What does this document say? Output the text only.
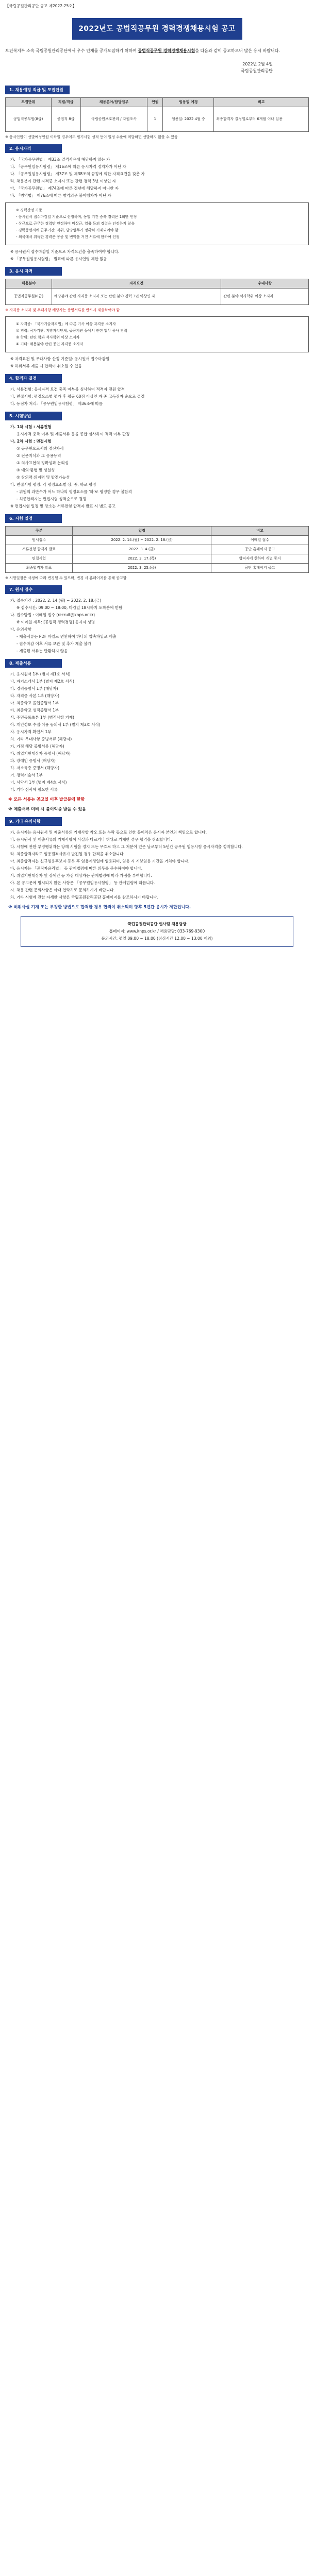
【국립공원관리공단 공고 제2022-25호】
2022년도 공법직공무원 경력경쟁채용시험 공고
보건복지부 소속 국립공원관리공단에서 우수 인재를 공개모집하기 위하여 공법직공무원 경력경쟁채용시험을 다음과 같이 공고하오니 많은 응시 바랍니다.
2022년 2월 4일
국립공원관리공단
1. 채용예정 직급 및 모집인원
모집단위	직렬/직급	채용분야/담당업무	인원	임용일 예정	비고
공법직공무원(8급)	공법직 8급	국립공원보호관리 / 자원조사	1	임용일: 2022.4월 중	최종합격자 결정일로부터 6개월 이내 임용
※ 응시인원이 선발예정인원 이하일 경우에도 필기시험 성적 등이 일정 수준에 미달하면 선발하지 않을 수 있음
2. 응시자격
가. 「국가공무원법」 제33조 결격사유에 해당하지 않는 자
나. 「공무원임용시험령」 제16조에 따른 응시자격 정지자가 아닌 자
다. 「공무원임용시험령」 제37조 및 제38조의 규정에 의한 자격요건을 갖춘 자
라. 채용분야 관련 자격증 소지자 또는 관련 경력 3년 이상인 자
마. 「국가공무원법」 제74조에 따른 정년에 해당하지 아니한 자
바. 「병역법」 제76조에 따른 병역의무 불이행자가 아닌 자
※ 경력산정 기준
- 응시원서 접수마감일 기준으로 산정하며, 동일 기간 중복 경력은 1회만 인정
- 상근으로 근무한 경력만 인정하며 비상근, 일용 등의 경력은 인정하지 않음
- 경력증명서에 근무기간, 직위, 담당업무가 명확히 기재되어야 함
- 외국에서 취득한 경력은 공증 및 번역을 거친 서류에 한하여 인정
※ 응시원서 접수마감일 기준으로 자격요건을 충족하여야 합니다.
※ 「공무원임용시험령」 별표에 따른 응시연령 제한 없음
3. 응시 자격
채용분야	자격요건	우대사항
공법직공무원(8급)	해당분야 관련 자격증 소지자 또는 관련 분야 경력 3년 이상인 자	관련 분야 석사학위 이상 소지자
※ 자격증 소지자 및 우대사항 해당자는 증빙서류를 반드시 제출하여야 함
① 자격증: 「국가기술자격법」에 따른 기사 이상 자격증 소지자
② 경력: 국가기관, 지방자치단체, 공공기관 등에서 관련 업무 종사 경력
③ 학위: 관련 학과 석사학위 이상 소지자
④ 기타: 채용분야 관련 공인 자격증 소지자
※ 자격요건 및 우대사항 산정 기준일: 응시원서 접수마감일
※ 허위서류 제출 시 합격이 취소될 수 있음
4. 합격자 결정
가. 서류전형: 응시자격 요건 충족 여부를 심사하여 적격자 전원 합격
나. 면접시험: 평정요소별 평가 후 평균 60점 이상인 자 중 고득점자 순으로 결정
다. 동점자 처리: 「공무원임용시험령」 제36조에 따름
5. 시험방법
가. 1차 시험 : 서류전형
응시자격 충족 여부 및 제출서류 등을 종합 심사하여 적격 여부 판정
나. 2차 시험 : 면접시험
① 공무원으로서의 정신자세
② 전문지식과 그 응용능력
③ 의사표현의 정확성과 논리성
④ 예의·품행 및 성실성
⑤ 창의력·의지력 및 발전가능성
다. 면접시험 평정: 각 평정요소별 상, 중, 하로 평정
- 위원의 과반수가 어느 하나의 평정요소를 '하'로 평정한 경우 불합격
- 최종합격자는 면접시험 성적순으로 결정
※ 면접시험 일정 및 장소는 서류전형 합격자 발표 시 별도 공고
6. 시험 일정
구분	일정	비고
원서접수	2022. 2. 14.(월) ~ 2022. 2. 18.(금)	이메일 접수
서류전형 합격자 발표	2022. 3. 4.(금)	공단 홈페이지 공고
면접시험	2022. 3. 17.(목)	합격자에 한하여 개별 통지
최종합격자 발표	2022. 3. 25.(금)	공단 홈페이지 공고
※ 시험일정은 사정에 따라 변경될 수 있으며, 변경 시 홈페이지를 통해 공고함
7. 원서 접수
가. 접수기간 : 2022. 2. 14.(월) ~ 2022. 2. 18.(금)
※ 접수시간: 09:00 ~ 18:00, 마감일 18시까지 도착분에 한함
나. 접수방법 : 이메일 접수 (recruit@knps.or.kr)
※ 이메일 제목: [공법직 경력경쟁] 응시자 성명
다. 유의사항
- 제출서류는 PDF 파일로 변환하여 하나의 압축파일로 제출
- 접수마감 이후 서류 보완 및 추가 제출 불가
- 제출된 서류는 반환하지 않음
8. 제출서류
가. 응시원서 1부 (별지 제1호 서식)
나. 자기소개서 1부 (별지 제2호 서식)
다. 경력증명서 1부 (해당자)
라. 자격증 사본 1부 (해당자)
마. 최종학교 졸업증명서 1부
바. 최종학교 성적증명서 1부
사. 주민등록초본 1부 (병적사항 기재)
아. 개인정보 수집·이용 동의서 1부 (별지 제3호 서식)
자. 응시자격 확인서 1부
차. 기타 우대사항 증빙서류 (해당자)
카. 가점 해당 증빙서류 (해당자)
타. 취업지원대상자 증명서 (해당자)
파. 장애인 증명서 (해당자)
하. 저소득층 증명서 (해당자)
거. 경력기술서 1부
너. 서약서 1부 (별지 제4호 서식)
더. 기타 심사에 필요한 서류
※ 모든 서류는 공고일 이후 발급분에 한함
※ 제출서류 미비 시 불이익을 받을 수 있음
9. 기타 유의사항
가. 응시자는 응시원서 및 제출서류의 기재사항 착오 또는 누락 등으로 인한 불이익은 응시자 본인의 책임으로 합니다.
나. 응시원서 및 제출서류의 기재사항이 사실과 다르거나 허위로 기재한 경우 합격을 취소합니다.
다. 시험에 관한 부정행위자는 당해 시험을 정지 또는 무효로 하고 그 처분이 있은 날로부터 5년간 공무원 임용시험 응시자격을 정지합니다.
라. 최종합격자라도 임용결격사유가 발견될 경우 합격을 취소합니다.
마. 최종합격자는 신규임용후보자 등록 후 임용예정일에 임용되며, 임용 시 시보임용 기간을 거쳐야 합니다.
바. 응시자는 「공직자윤리법」 등 관계법령에 따른 의무를 준수하여야 합니다.
사. 취업지원대상자 및 장애인 등 가점 대상자는 관계법령에 따라 가점을 부여합니다.
아. 본 공고문에 명시되지 않은 사항은 「공무원임용시험령」 등 관계법령에 따릅니다.
자. 채용 관련 문의사항은 아래 연락처로 문의하시기 바랍니다.
차. 기타 시험에 관한 자세한 사항은 국립공원관리공단 홈페이지를 참조하시기 바랍니다.
※ 허위사실 기재 또는 부정한 방법으로 합격한 경우 합격이 취소되며 향후 5년간 응시가 제한됩니다.
국립공원관리공단 인사팀 채용담당
홈페이지: www.knps.or.kr / 채용담당: 033-769-9300
문의시간: 평일 09:00 ~ 18:00 (점심시간 12:00 ~ 13:00 제외)
